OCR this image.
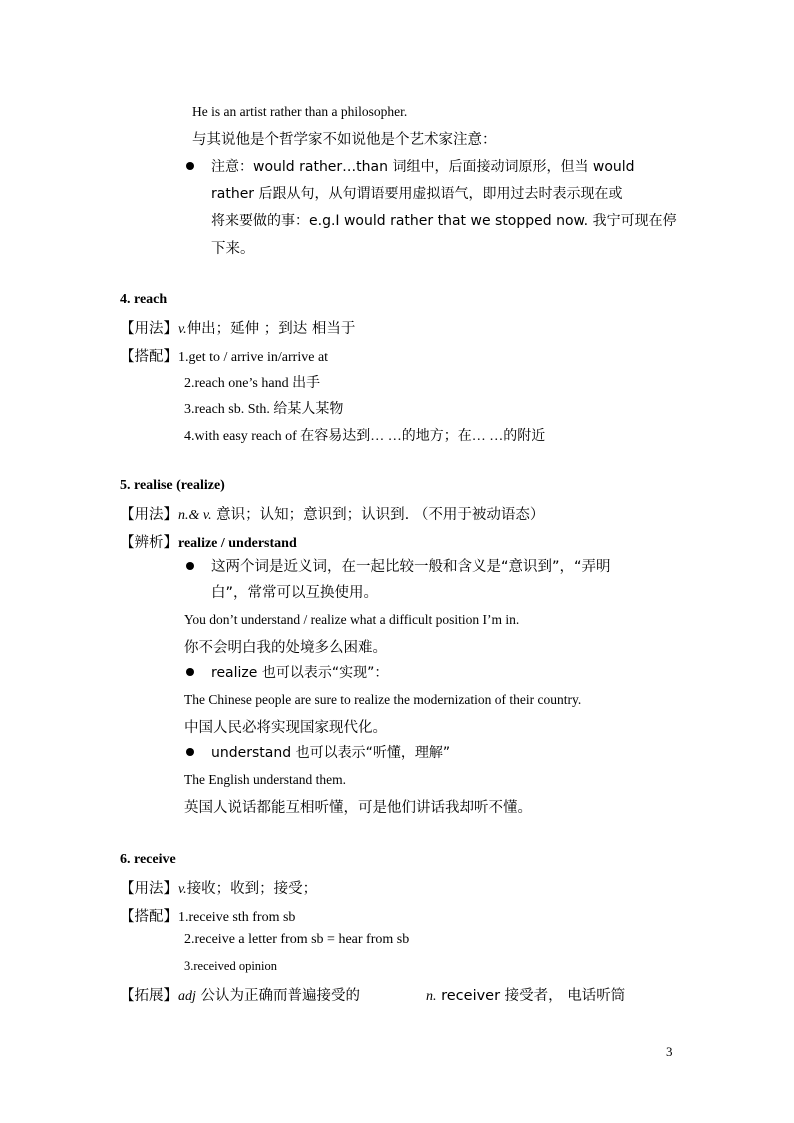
He is an artist rather than a philosopher.
与其说他是个哲学家不如说他是个艺术家注意：
注意：would rather…than 词组中，后面接动词原形，但当 would
rather 后跟从句，从句谓语要用虚拟语气，即用过去时表示现在或
将来要做的事：e.g.I would rather that we stopped now. 我宁可现在停
下来。
4. reach
【用法】v.伸出；延伸 ；到达 相当于
【搭配】1.get to / arrive in/arrive at
2.reach one’s hand 出手
3.reach sb. Sth. 给某人某物
4.with easy reach of 在容易达到… …的地方；在… …的附近
5. realise (realize)
【用法】n.& v. 意识；认知；意识到；认识到. （不用于被动语态）
【辨析】realize / understand
这两个词是近义词，在一起比较一般和含义是“意识到”，“弄明
白”，常常可以互换使用。
You don’t understand / realize what a difficult position I’m in.
你不会明白我的处境多么困难。
realize 也可以表示“实现”：
The Chinese people are sure to realize the modernization of their country.
中国人民必将实现国家现代化。
understand 也可以表示“听懂，理解”
The English understand them.
英国人说话都能互相听懂，可是他们讲话我却听不懂。
6. receive
【用法】v.接收；收到；接受；
【搭配】1.receive sth from sb
2.receive a letter from sb = hear from sb
3.received opinion
【拓展】adj 公认为正确而普遍接受的	n. receiver 接受者， 电话听筒
3
